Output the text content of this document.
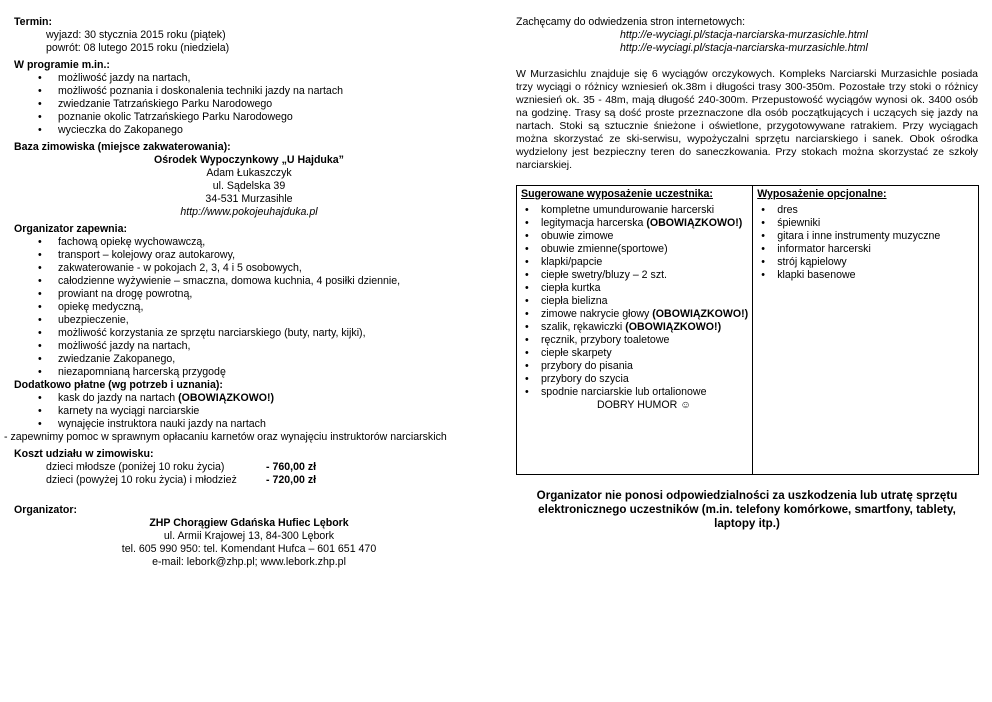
Termin:
wyjazd: 30 stycznia 2015 roku (piątek)
powrót: 08 lutego 2015 roku (niedziela)
W programie m.in.:
• możliwość jazdy na nartach,
• możliwość poznania i doskonalenia techniki jazdy na nartach
• zwiedzanie Tatrzańskiego Parku Narodowego
• poznanie okolic Tatrzańskiego Parku Narodowego
• wycieczka do Zakopanego
Baza zimowiska (miejsce zakwaterowania):
Ośrodek Wypoczynkowy „U Hajduka”
Adam Łukaszczyk
ul. Sądelska 39
34-531 Murzasihle
http://www.pokojeuhajduka.pl
Organizator zapewnia:
• fachową opiekę wychowawczą,
• transport – kolejowy oraz autokarowy,
• zakwaterowanie - w pokojach 2, 3, 4 i 5 osobowych,
• całodzienne wyżywienie – smaczna, domowa kuchnia, 4 posiłki dziennie,
• prowiant na drogę powrotną,
• opiekę medyczną,
• ubezpieczenie,
• możliwość korzystania ze sprzętu narciarskiego (buty, narty, kijki),
• możliwość jazdy na nartach,
• zwiedzanie Zakopanego,
• niezapomnianą harcerską przygodę
Dodatkowo płatne (wg potrzeb i uznania):
• kask do jazdy na nartach (OBOWIĄZKOWO!)
• karnety na wyciągi narciarskie
• wynajęcie instruktora nauki jazdy na nartach
- zapewnimy pomoc w sprawnym opłacaniu karnetów oraz wynajęciu instruktorów narciarskich
Koszt udziału w zimowisku:
dzieci młodsze (poniżej 10 roku życia)	- 760,00 zł
dzieci (powyżej 10 roku życia) i młodzież	- 720,00 zł
Organizator:
ZHP Chorągiew Gdańska Hufiec Lębork
ul. Armii Krajowej 13, 84-300 Lębork
tel. 605 990 950: tel. Komendant Hufca – 601 651 470
e-mail: lebork@zhp.pl; www.lebork.zhp.pl
Zachęcamy do odwiedzenia stron internetowych:
http://e-wyciagi.pl/stacja-narciarska-murzasichle.html
http://e-wyciagi.pl/stacja-narciarska-murzasichle.html
W Murzasichlu znajduje się 6 wyciągów orczykowych. Kompleks Narciarski Murzasichle posiada trzy wyciągi o różnicy wzniesień ok.38m i długości trasy 300-350m. Pozostałe trzy stoki o różnicy wzniesień ok. 35 - 48m, mają długość 240-300m. Przepustowość wyciągów wynosi ok. 3400 osób na godzinę. Trasy są dość proste przeznaczone dla osób początkujących i uczących się jazdy na nartach. Stoki są sztucznie śnieżone i oświetlone, przygotowywane ratrakiem. Przy wyciągach można skorzystać ze ski-serwisu, wypożyczalni sprzętu narciarskiego i sanek. Obok ośrodka wydzielony jest bezpieczny teren do saneczkowania. Przy stokach można skorzystać ze szkoły narciarskiej.
Sugerowane wyposażenie uczestnika:
• kompletne umundurowanie harcerski
• legitymacja harcerska (OBOWIĄZKOWO!)
• obuwie zimowe
• obuwie zmienne(sportowe)
• klapki/papcie
• ciepłe swetry/bluzy – 2 szt.
• ciepła kurtka
• ciepła bielizna
• zimowe nakrycie głowy (OBOWIĄZKOWO!)
• szalik, rękawiczki (OBOWIĄZKOWO!)
• ręcznik, przybory toaletowe
• ciepłe skarpety
• przybory do pisania
• przybory do szycia
• spodnie narciarskie lub ortalionowe
DOBRY HUMOR ☺

Wyposażenie opcjonalne:
• dres
• śpiewniki
• gitara i inne instrumenty muzyczne
• informator harcerski
• strój kąpielowy
• klapki basenowe
Organizator nie ponosi odpowiedzialności za uszkodzenia lub utratę sprzętu elektronicznego uczestników (m.in. telefony komórkowe, smartfony, tablety, laptopy itp.)
